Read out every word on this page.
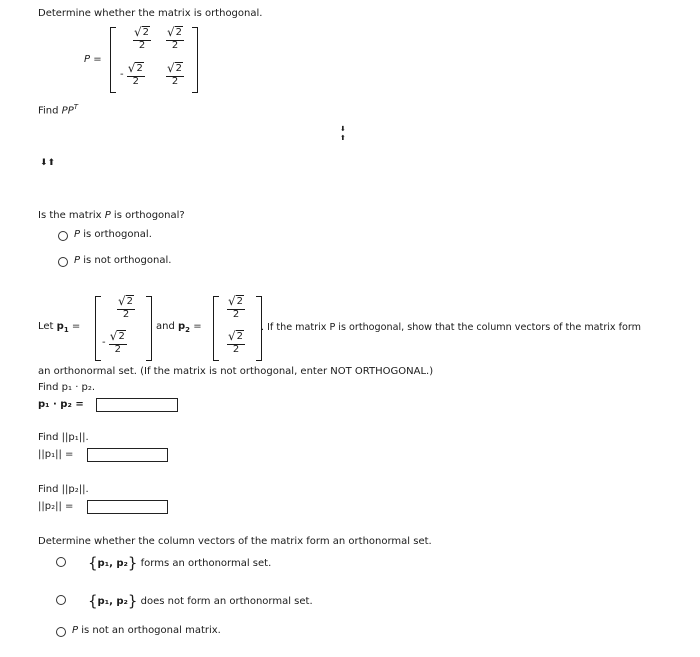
Determine whether the matrix is orthogonal.
P =
$\frac{√ 2}{2} \frac{√ 2}{2}$
- $\frac{√ 2}{2} \frac{√ 2}{2}$
Find $PP^T$
⬇
⬆
⬇⬆
Is the matrix P is orthogonal?
P is orthogonal.
P is not orthogonal.
Let $p_1$ =
$\frac{√ 2}{2}$
- $\frac{√ 2}{2}$
and $p_2$ =
$\frac{√ 2}{2}$
$\frac{√ 2}{2}$
. If the matrix P is orthogonal, show that the column vectors of the matrix form
an orthonormal set. (If the matrix is not orthogonal, enter NOT ORTHOGONAL.)
Find p₁ · p₂.
p₁ · p₂ =
Find ||p₁||.
||p₁|| =
Find ||p₂||.
||p₂|| =
Determine whether the column vectors of the matrix form an orthonormal set.
{p₁, p₂} forms an orthonormal set.
{p₁, p₂} does not form an orthonormal set.
P is not an orthogonal matrix.
